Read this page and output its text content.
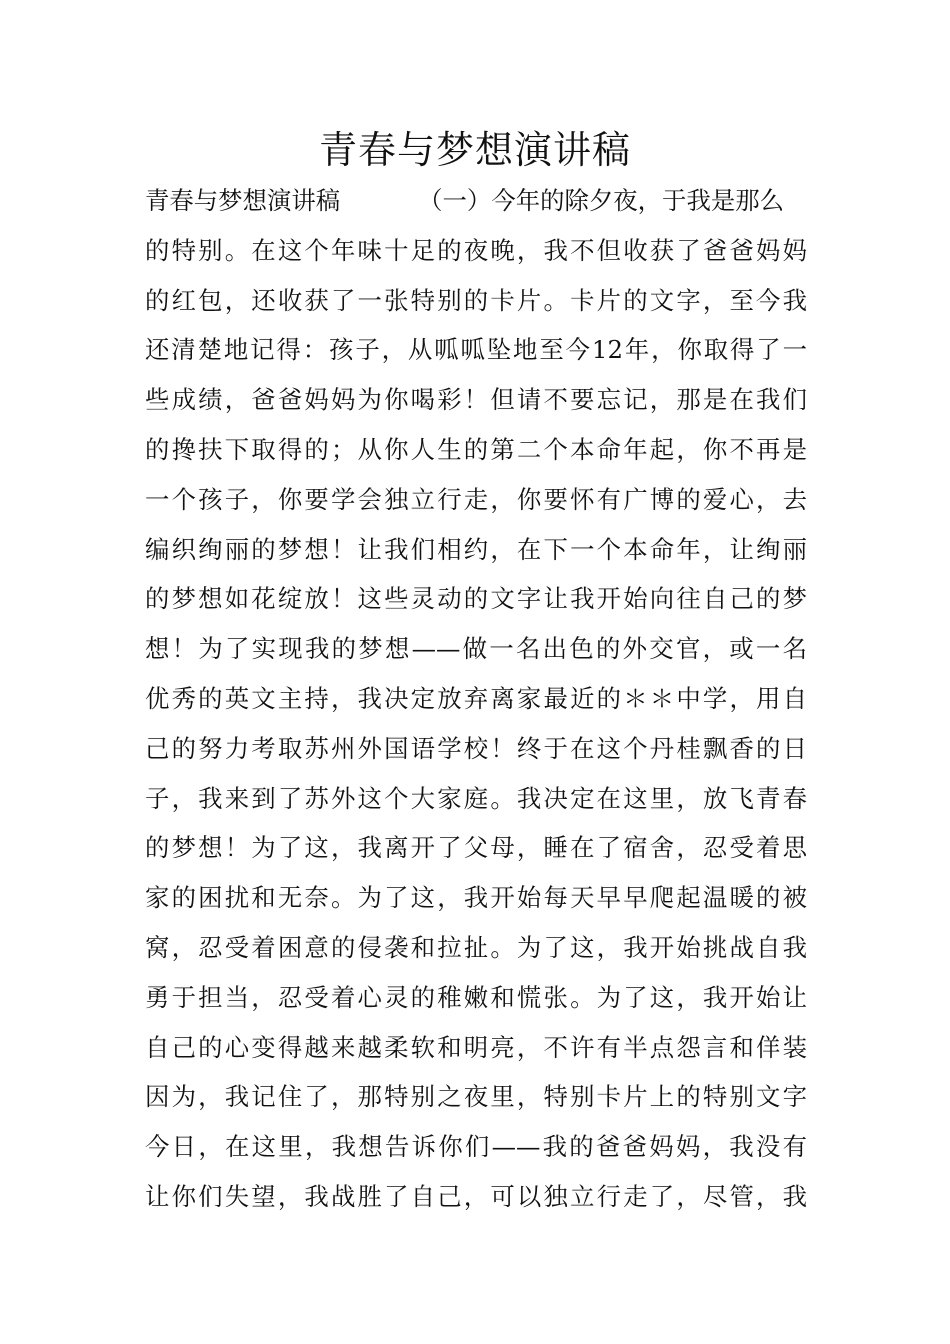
青春与梦想演讲稿
青春与梦想演讲稿	（一）今年的除夕夜，于我是那么
的特别。在这个年味十足的夜晚，我不但收获了爸爸妈妈
的红包，还收获了一张特别的卡片。卡片的文字，至今我
还清楚地记得：孩子，从呱呱坠地至今12年，你取得了一
些成绩，爸爸妈妈为你喝彩！但请不要忘记，那是在我们
的搀扶下取得的；从你人生的第二个本命年起，你不再是
一个孩子，你要学会独立行走，你要怀有广博的爱心，去
编织绚丽的梦想！让我们相约，在下一个本命年，让绚丽
的梦想如花绽放！这些灵动的文字让我开始向往自己的梦
想！为了实现我的梦想——做一名出色的外交官，或一名
优秀的英文主持，我决定放弃离家最近的＊＊中学，用自
己的努力考取苏州外国语学校！终于在这个丹桂飘香的日
子，我来到了苏外这个大家庭。我决定在这里，放飞青春
的梦想！为了这，我离开了父母，睡在了宿舍，忍受着思
家的困扰和无奈。为了这，我开始每天早早爬起温暖的被
窝，忍受着困意的侵袭和拉扯。为了这，我开始挑战自我
勇于担当，忍受着心灵的稚嫩和慌张。为了这，我开始让
自己的心变得越来越柔软和明亮，不许有半点怨言和佯装
因为，我记住了，那特别之夜里，特别卡片上的特别文字
今日，在这里，我想告诉你们——我的爸爸妈妈，我没有
让你们失望，我战胜了自己，可以独立行走了，尽管，我
